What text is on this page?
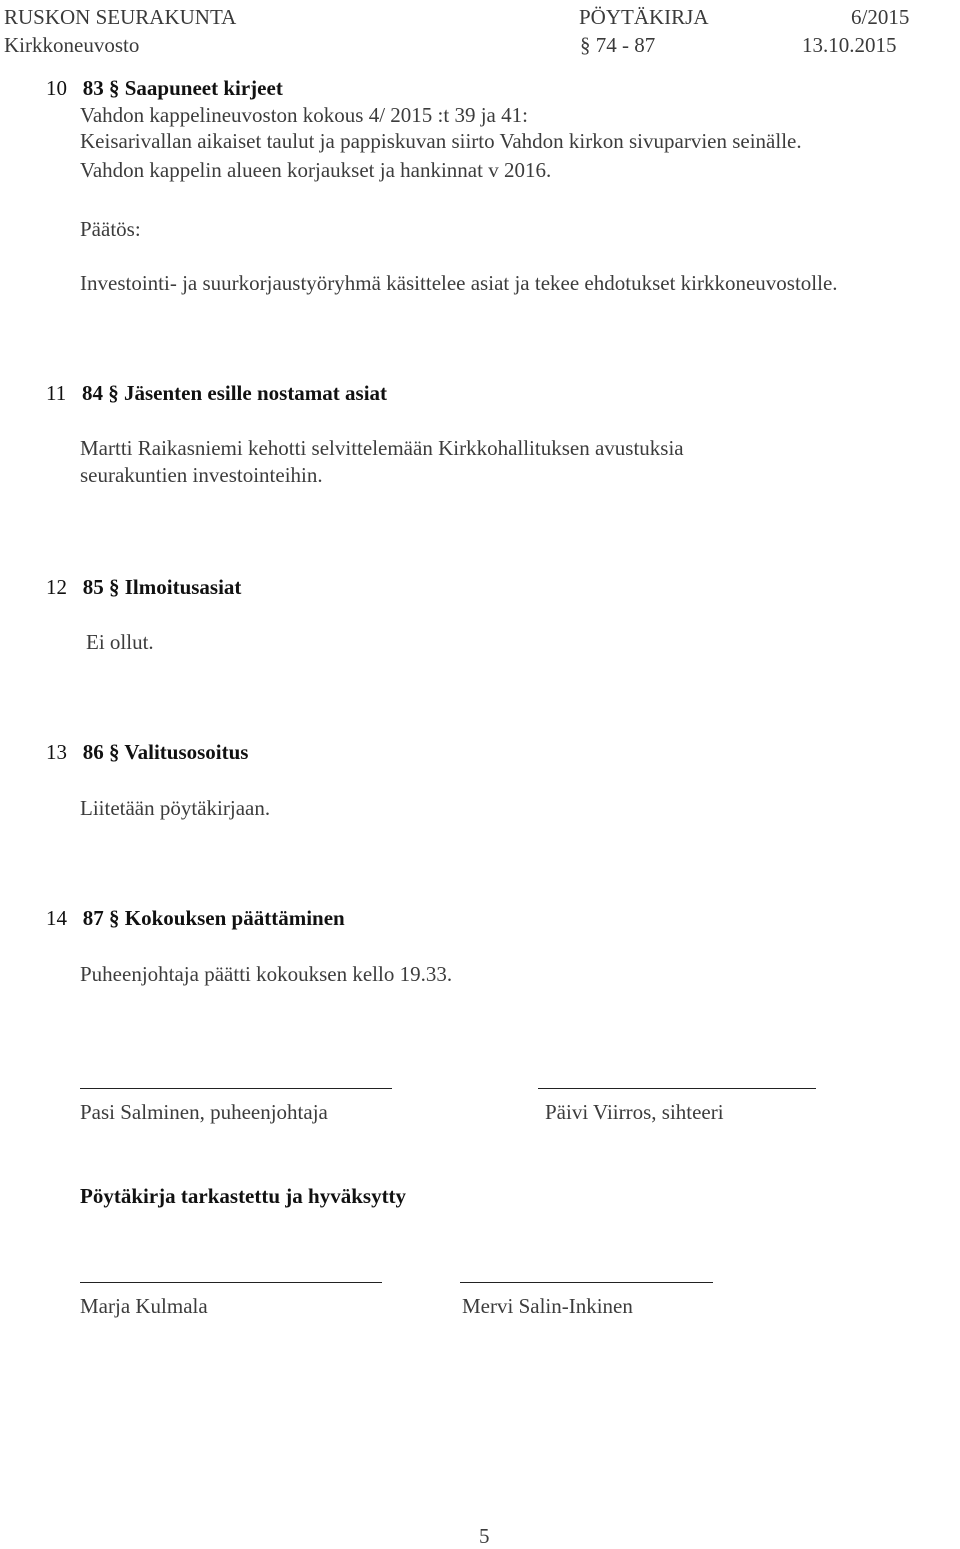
RUSKON SEURAKUNTA	PÖYTÄKIRJA	6/2015
Kirkkoneuvosto	§ 74 - 87	13.10.2015
10 83 § Saapuneet kirjeet
Vahdon kappelineuvoston kokous 4/ 2015 :t 39 ja 41:
Keisarivallan aikaiset taulut ja pappiskuvan siirto Vahdon kirkon sivuparvien seinälle.
Vahdon kappelin alueen korjaukset ja hankinnat v 2016.
Päätös:
Investointi- ja suurkorjaustyöryhmä käsittelee asiat ja tekee ehdotukset kirkkoneuvostolle.
11 84 § Jäsenten esille nostamat asiat
Martti Raikasniemi kehotti selvittelemään Kirkkohallituksen avustuksia
seurakuntien investointeihin.
12 85 § Ilmoitusasiat
Ei ollut.
13 86 § Valitusosoitus
Liitetään pöytäkirjaan.
14 87 § Kokouksen päättäminen
Puheenjohtaja päätti kokouksen kello 19.33.
Pasi Salminen, puheenjohtaja	Päivi Viirros, sihteeri
Pöytäkirja tarkastettu ja hyväksytty
Marja Kulmala	Mervi Salin-Inkinen
5
